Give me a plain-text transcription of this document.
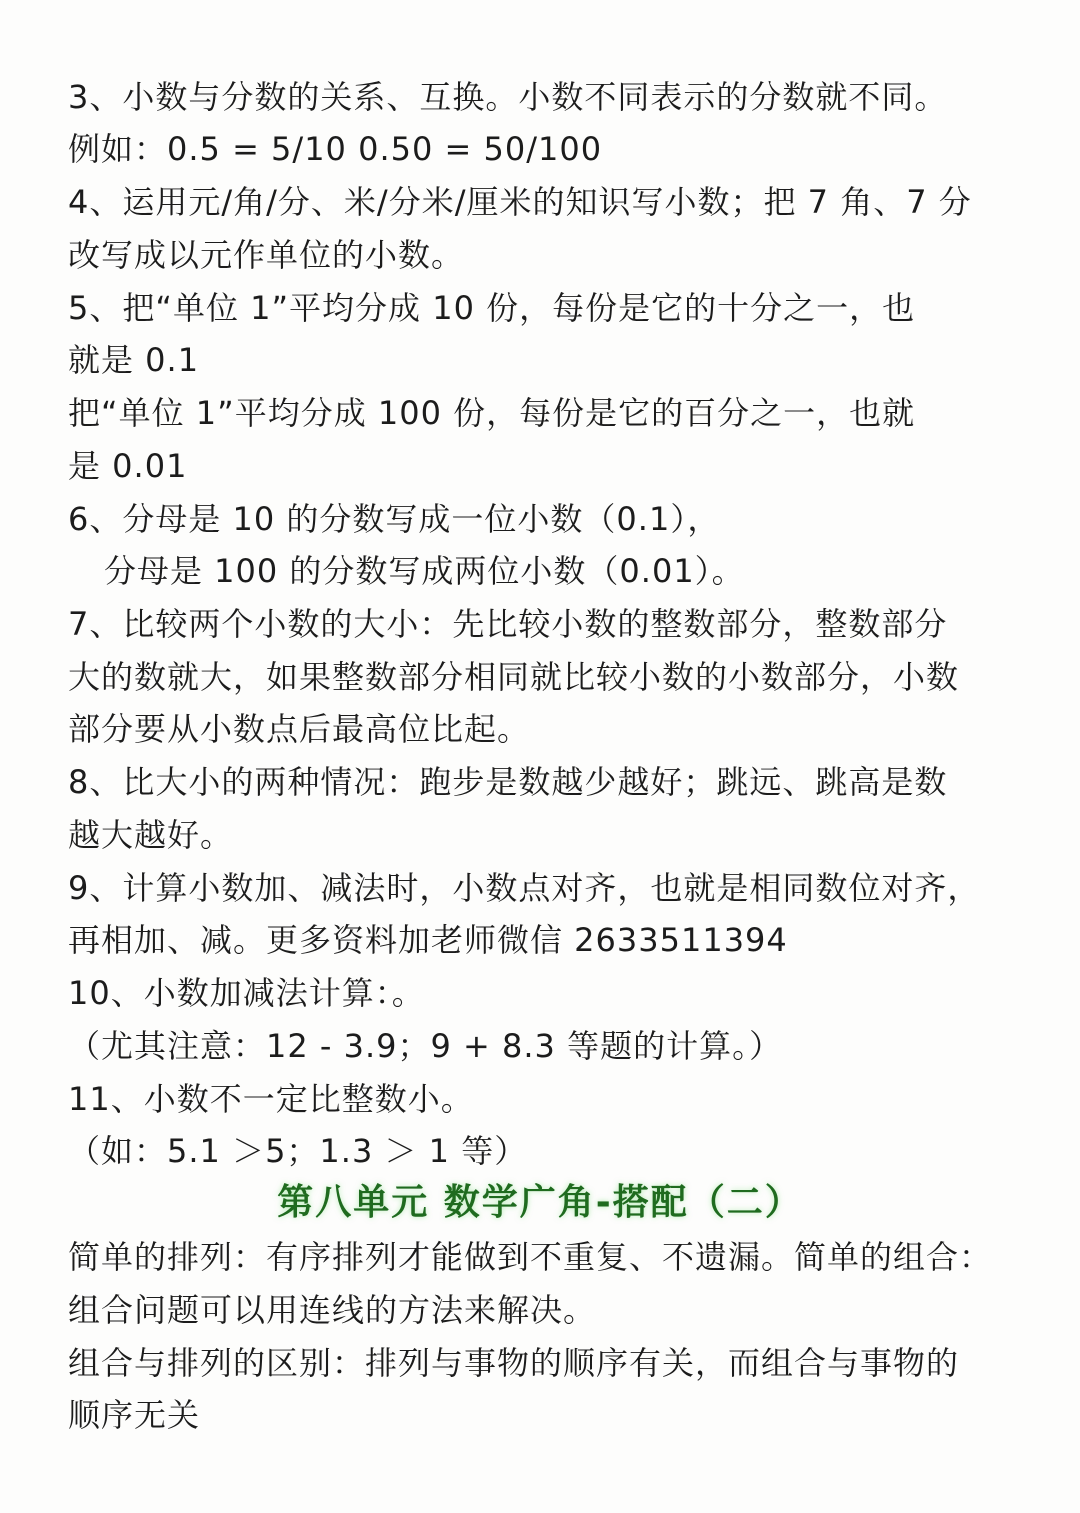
3、小数与分数的关系、互换。小数不同表示的分数就不同。
例如：0.5 = 5/10 0.50 = 50/100
4、运用元/角/分、米/分米/厘米的知识写小数；把 7 角、7 分
改写成以元作单位的小数。
5、把“单位 1”平均分成 10 份，每份是它的十分之一，也
就是 0.1
把“单位 1”平均分成 100 份，每份是它的百分之一，也就
是 0.01
6、分母是 10 的分数写成一位小数（0.1），
分母是 100 的分数写成两位小数（0.01）。
7、比较两个小数的大小：先比较小数的整数部分，整数部分
大的数就大，如果整数部分相同就比较小数的小数部分，小数
部分要从小数点后最高位比起。
8、比大小的两种情况：跑步是数越少越好；跳远、跳高是数
越大越好。
9、计算小数加、减法时，小数点对齐，也就是相同数位对齐，
再相加、减。更多资料加老师微信 2633511394
10、小数加减法计算：。
（尤其注意：12 - 3.9；9 + 8.3 等题的计算。）
11、小数不一定比整数小。
（如：5.1 ＞5；1.3 ＞ 1 等）
第八单元 数学广角-搭配（二）
简单的排列：有序排列才能做到不重复、不遗漏。简单的组合：
组合问题可以用连线的方法来解决。
组合与排列的区别：排列与事物的顺序有关，而组合与事物的
顺序无关
